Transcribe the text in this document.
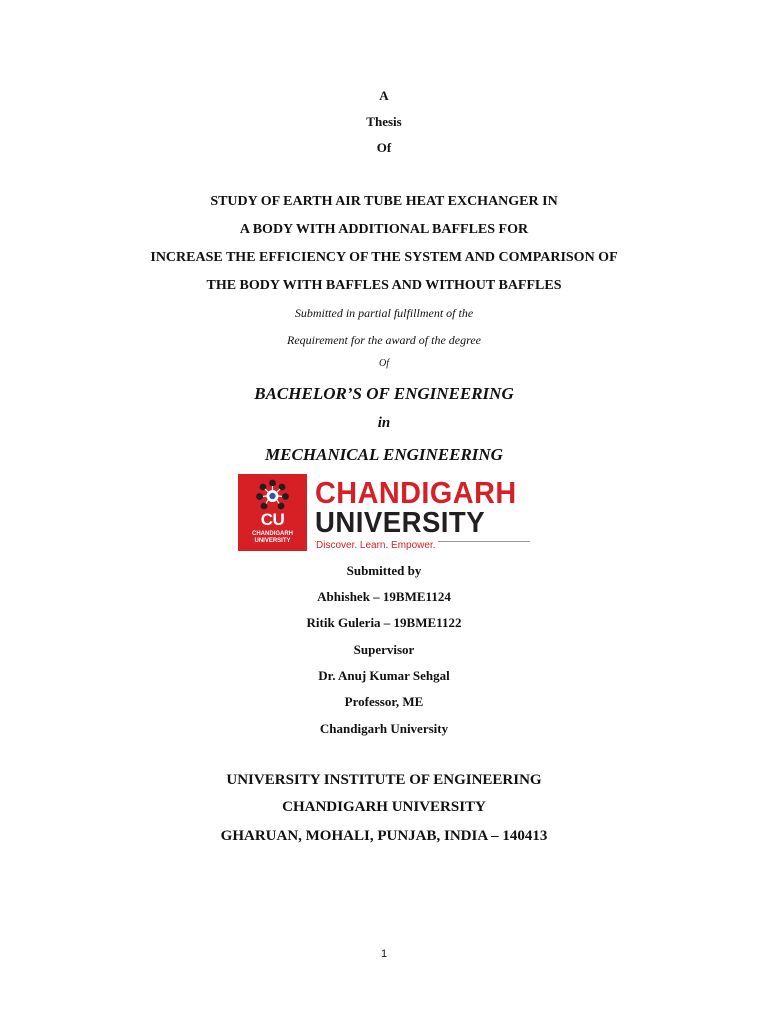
A
Thesis
Of
STUDY OF EARTH AIR TUBE HEAT EXCHANGER IN
A BODY WITH ADDITIONAL BAFFLES FOR
INCREASE THE EFFICIENCY OF THE SYSTEM AND COMPARISON OF
THE BODY WITH BAFFLES AND WITHOUT BAFFLES
Submitted in partial fulfillment of the
Requirement for the award of the degree
Of
BACHELOR’S OF ENGINEERING
in
MECHANICAL ENGINEERING
CU
CHANDIGARH
UNIVERSITY
CHANDIGARH
UNIVERSITY
Discover. Learn. Empower.
Submitted by
Abhishek – 19BME1124
Ritik Guleria – 19BME1122
Supervisor
Dr. Anuj Kumar Sehgal
Professor, ME
Chandigarh University
UNIVERSITY INSTITUTE OF ENGINEERING
CHANDIGARH UNIVERSITY
GHARUAN, MOHALI, PUNJAB, INDIA – 140413
1
